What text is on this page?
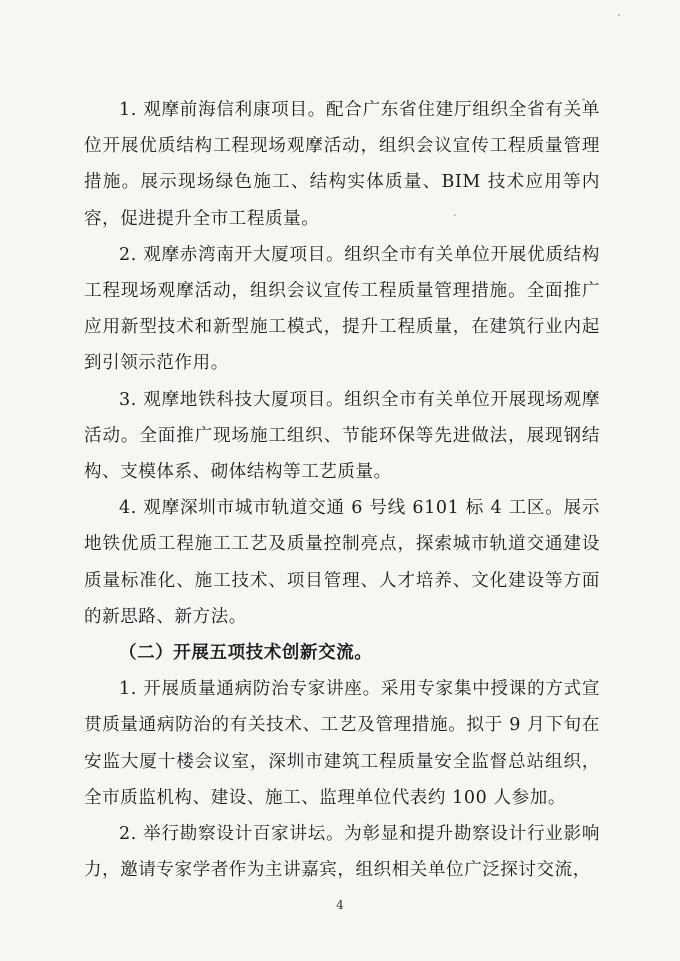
1. 观摩前海信利康项目。配合广东省住建厅组织全省有关单位开展优质结构工程现场观摩活动，组织会议宣传工程质量管理措施。展示现场绿色施工、结构实体质量、BIM 技术应用等内容，促进提升全市工程质量。

2. 观摩赤湾南开大厦项目。组织全市有关单位开展优质结构工程现场观摩活动，组织会议宣传工程质量管理措施。全面推广应用新型技术和新型施工模式，提升工程质量，在建筑行业内起到引领示范作用。

3. 观摩地铁科技大厦项目。组织全市有关单位开展现场观摩活动。全面推广现场施工组织、节能环保等先进做法，展现钢结构、支模体系、砌体结构等工艺质量。

4. 观摩深圳市城市轨道交通 6 号线 6101 标 4 工区。展示地铁优质工程施工工艺及质量控制亮点，探索城市轨道交通建设质量标准化、施工技术、项目管理、人才培养、文化建设等方面的新思路、新方法。

（二）开展五项技术创新交流。

1. 开展质量通病防治专家讲座。采用专家集中授课的方式宣贯质量通病防治的有关技术、工艺及管理措施。拟于 9 月下旬在安监大厦十楼会议室，深圳市建筑工程质量安全监督总站组织，全市质监机构、建设、施工、监理单位代表约 100 人参加。

2. 举行勘察设计百家讲坛。为彰显和提升勘察设计行业影响力，邀请专家学者作为主讲嘉宾，组织相关单位广泛探讨交流，

4
